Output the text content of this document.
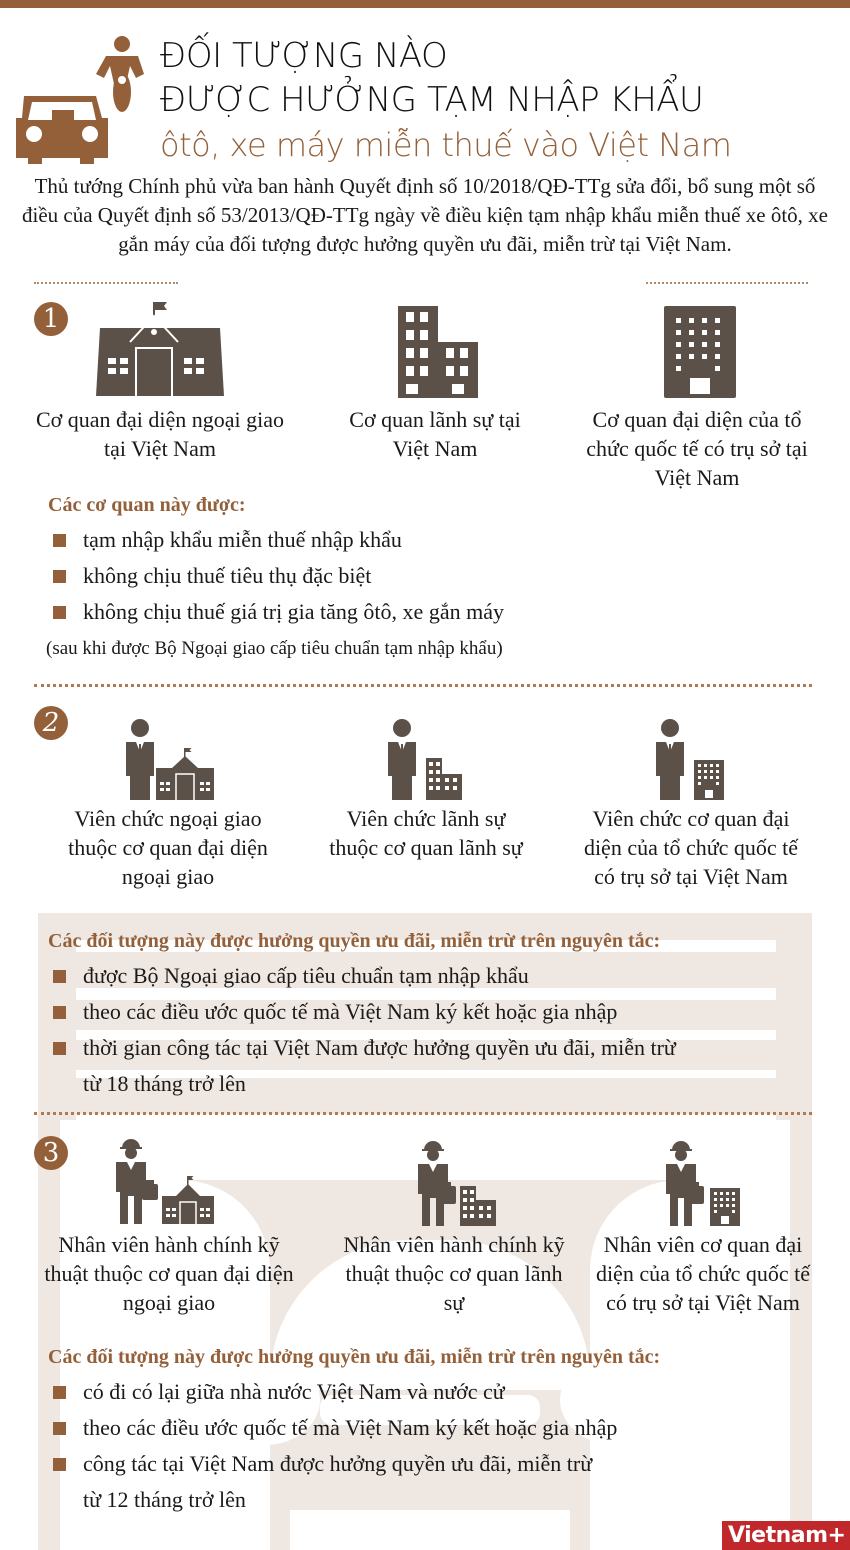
ĐỐI TƯỢNG NÀO
ĐƯỢC HƯỞNG TẠM NHẬP KHẨU
ôtô, xe máy miễn thuế vào Việt Nam
Thủ tướng Chính phủ vừa ban hành Quyết định số 10/2018/QĐ-TTg sửa đổi, bổ sung một số điều của Quyết định số 53/2013/QĐ-TTg ngày về điều kiện tạm nhập khẩu miễn thuế xe ôtô, xe gắn máy của đối tượng được hưởng quyền ưu đãi, miễn trừ tại Việt Nam.
1
Cơ quan đại diện ngoại giao tại Việt Nam
Cơ quan lãnh sự tại Việt Nam
Cơ quan đại diện của tổ chức quốc tế có trụ sở tại Việt Nam
Các cơ quan này được:
tạm nhập khẩu miễn thuế nhập khẩu
không chịu thuế tiêu thụ đặc biệt
không chịu thuế giá trị gia tăng ôtô, xe gắn máy
(sau khi được Bộ Ngoại giao cấp tiêu chuẩn tạm nhập khẩu)
2
Viên chức ngoại giao thuộc cơ quan đại diện ngoại giao
Viên chức lãnh sự thuộc cơ quan lãnh sự
Viên chức cơ quan đại diện của tổ chức quốc tế có trụ sở tại Việt Nam
Các đối tượng này được hưởng quyền ưu đãi, miễn trừ trên nguyên tắc:
được Bộ Ngoại giao cấp tiêu chuẩn tạm nhập khẩu
theo các điều ước quốc tế mà Việt Nam ký kết hoặc gia nhập
thời gian công tác tại Việt Nam được hưởng quyền ưu đãi, miễn trừ
từ 18 tháng trở lên
3
Nhân viên hành chính kỹ thuật thuộc cơ quan đại diện ngoại giao
Nhân viên hành chính kỹ thuật thuộc cơ quan lãnh sự
Nhân viên cơ quan đại diện của tổ chức quốc tế có trụ sở tại Việt Nam
Các đối tượng này được hưởng quyền ưu đãi, miễn trừ trên nguyên tắc:
có đi có lại giữa nhà nước Việt Nam và nước cử
theo các điều ước quốc tế mà Việt Nam ký kết hoặc gia nhập
công tác tại Việt Nam được hưởng quyền ưu đãi, miễn trừ
từ 12 tháng trở lên
Vietnam+
